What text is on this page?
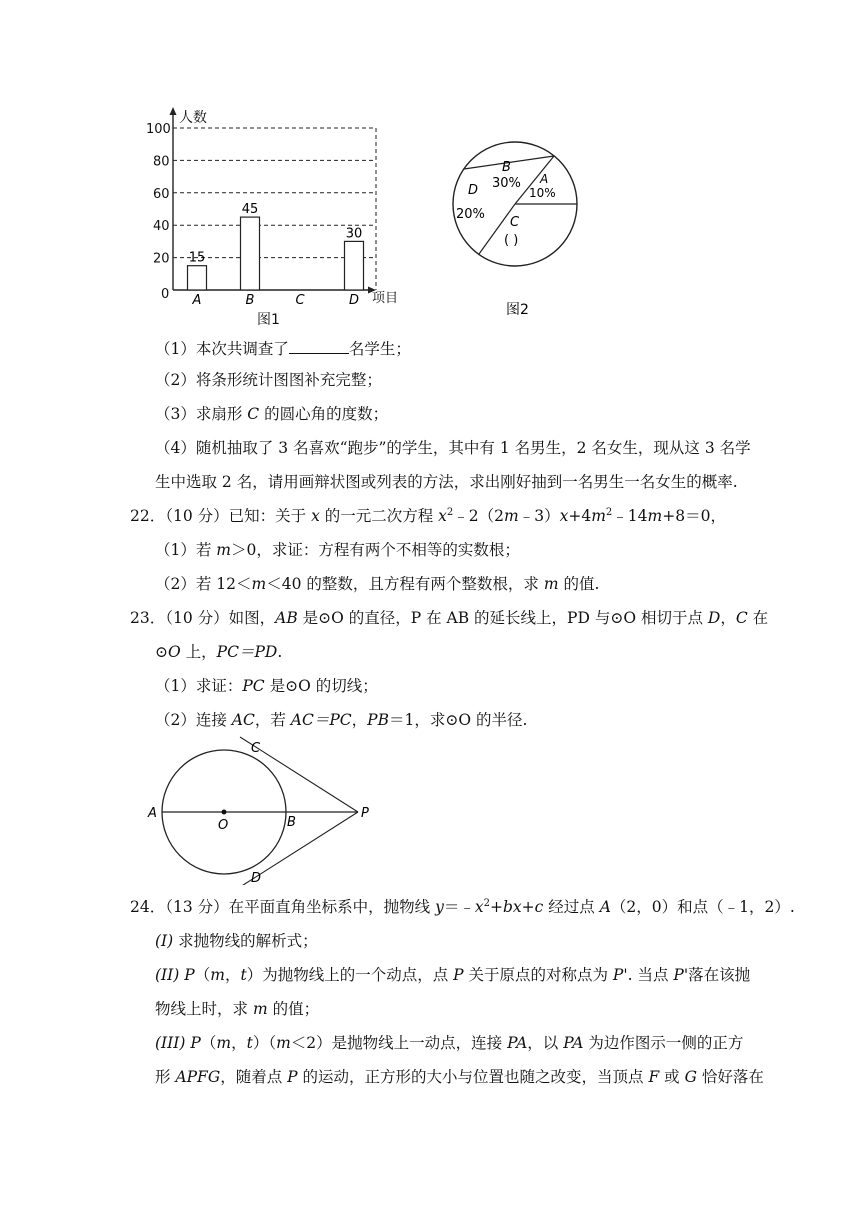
100
80
60
40
20
0
15
45
30
A	B	C	D
人数
项目
图1
B
30% A
10%
D
20%
C
( )
图2
（1）本次共调查了	名学生；
（2）将条形统计图图补充完整；
（3）求扇形 C 的圆心角的度数；
（4）随机抽取了 3 名喜欢“跑步”的学生，其中有 1 名男生，2 名女生，现从这 3 名学
生中选取 2 名，请用画辩状图或列表的方法，求出刚好抽到一名男生一名女生的概率.
22．（10 分）已知：关于 x 的一元二次方程 $x^2﹣2(2m﹣3)x+4m^2﹣14m+8=0$，
（1）若 m＞0，求证：方程有两个不相等的实数根；
（2）若 12＜m＜40 的整数，且方程有两个整数根，求 m 的值.
23．（10 分）如图，AB 是⊙O 的直径，P 在 AB 的延长线上，PD 与⊙O 相切于点 D，C 在
⊙O 上，PC＝PD.
（1）求证：PC 是⊙O 的切线；
（2）连接 AC，若 AC＝PC，PB＝1，求⊙O 的半径.
A
O	B
P
C
D
24．（13 分）在平面直角坐标系中，抛物线 $y=﹣x^2+bx+c$ 经过点 A（2，0）和点（﹣1，2）.
(I) 求抛物线的解析式；
(II) P（m，t）为抛物线上的一个动点，点 P 关于原点的对称点为 P'. 当点 P'落在该抛
物线上时，求 m 的值；
(III) P（m，t）（m＜2）是抛物线上一动点，连接 PA，以 PA 为边作图示一侧的正方
形 APFG，随着点 P 的运动，正方形的大小与位置也随之改变，当顶点 F 或 G 恰好落在
